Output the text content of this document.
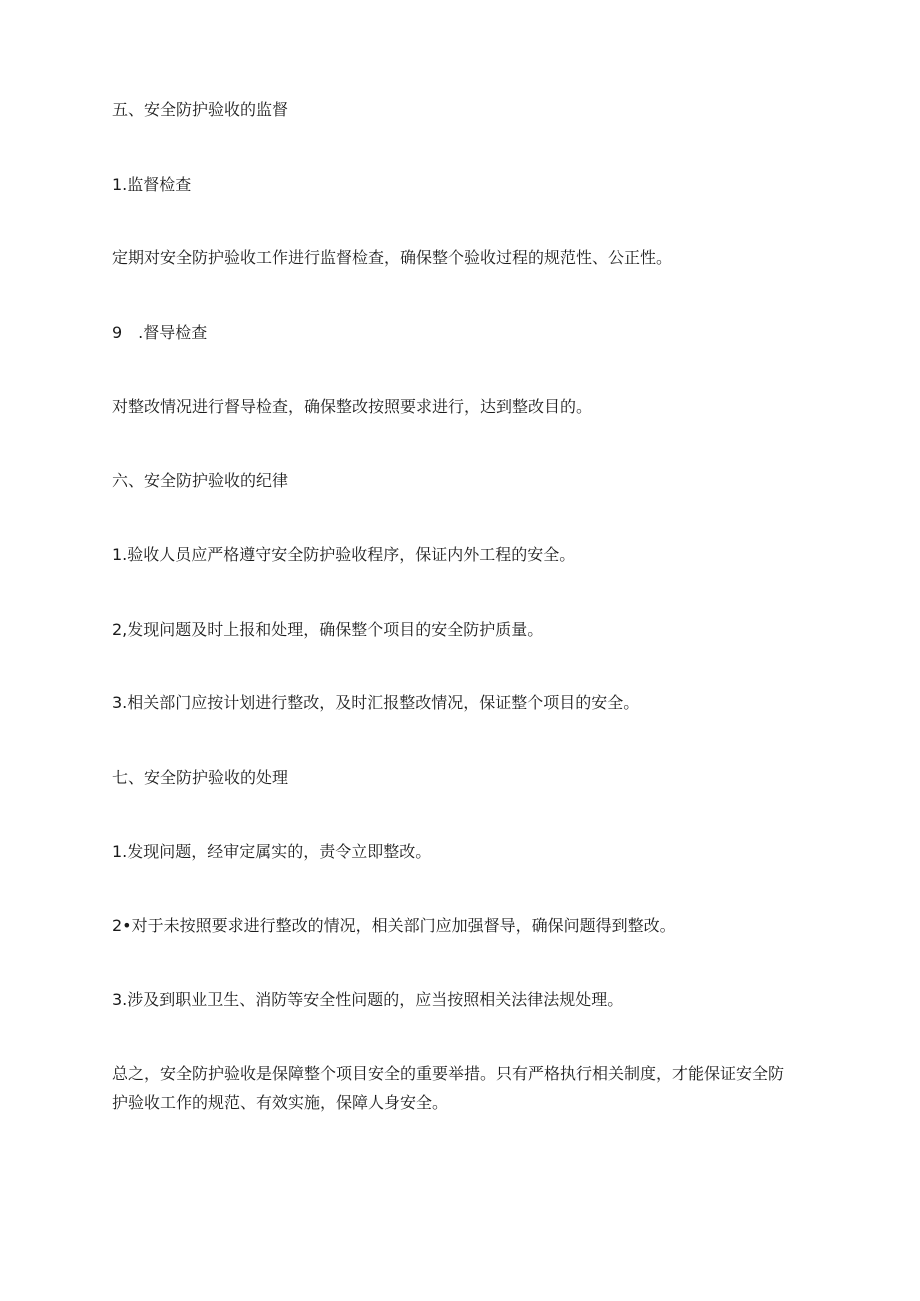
五、安全防护验收的监督
1.监督检查
定期对安全防护验收工作进行监督检查，确保整个验收过程的规范性、公正性。
9　.督导检查
对整改情况进行督导检查，确保整改按照要求进行，达到整改目的。
六、安全防护验收的纪律
1.验收人员应严格遵守安全防护验收程序，保证内外工程的安全。
2,发现问题及时上报和处理，确保整个项目的安全防护质量。
3.相关部门应按计划进行整改，及时汇报整改情况，保证整个项目的安全。
七、安全防护验收的处理
1.发现问题，经审定属实的，责令立即整改。
2•对于未按照要求进行整改的情况，相关部门应加强督导，确保问题得到整改。
3.涉及到职业卫生、消防等安全性问题的，应当按照相关法律法规处理。
总之，安全防护验收是保障整个项目安全的重要举措。只有严格执行相关制度，才能保证安全防护验收工作的规范、有效实施，保障人身安全。
